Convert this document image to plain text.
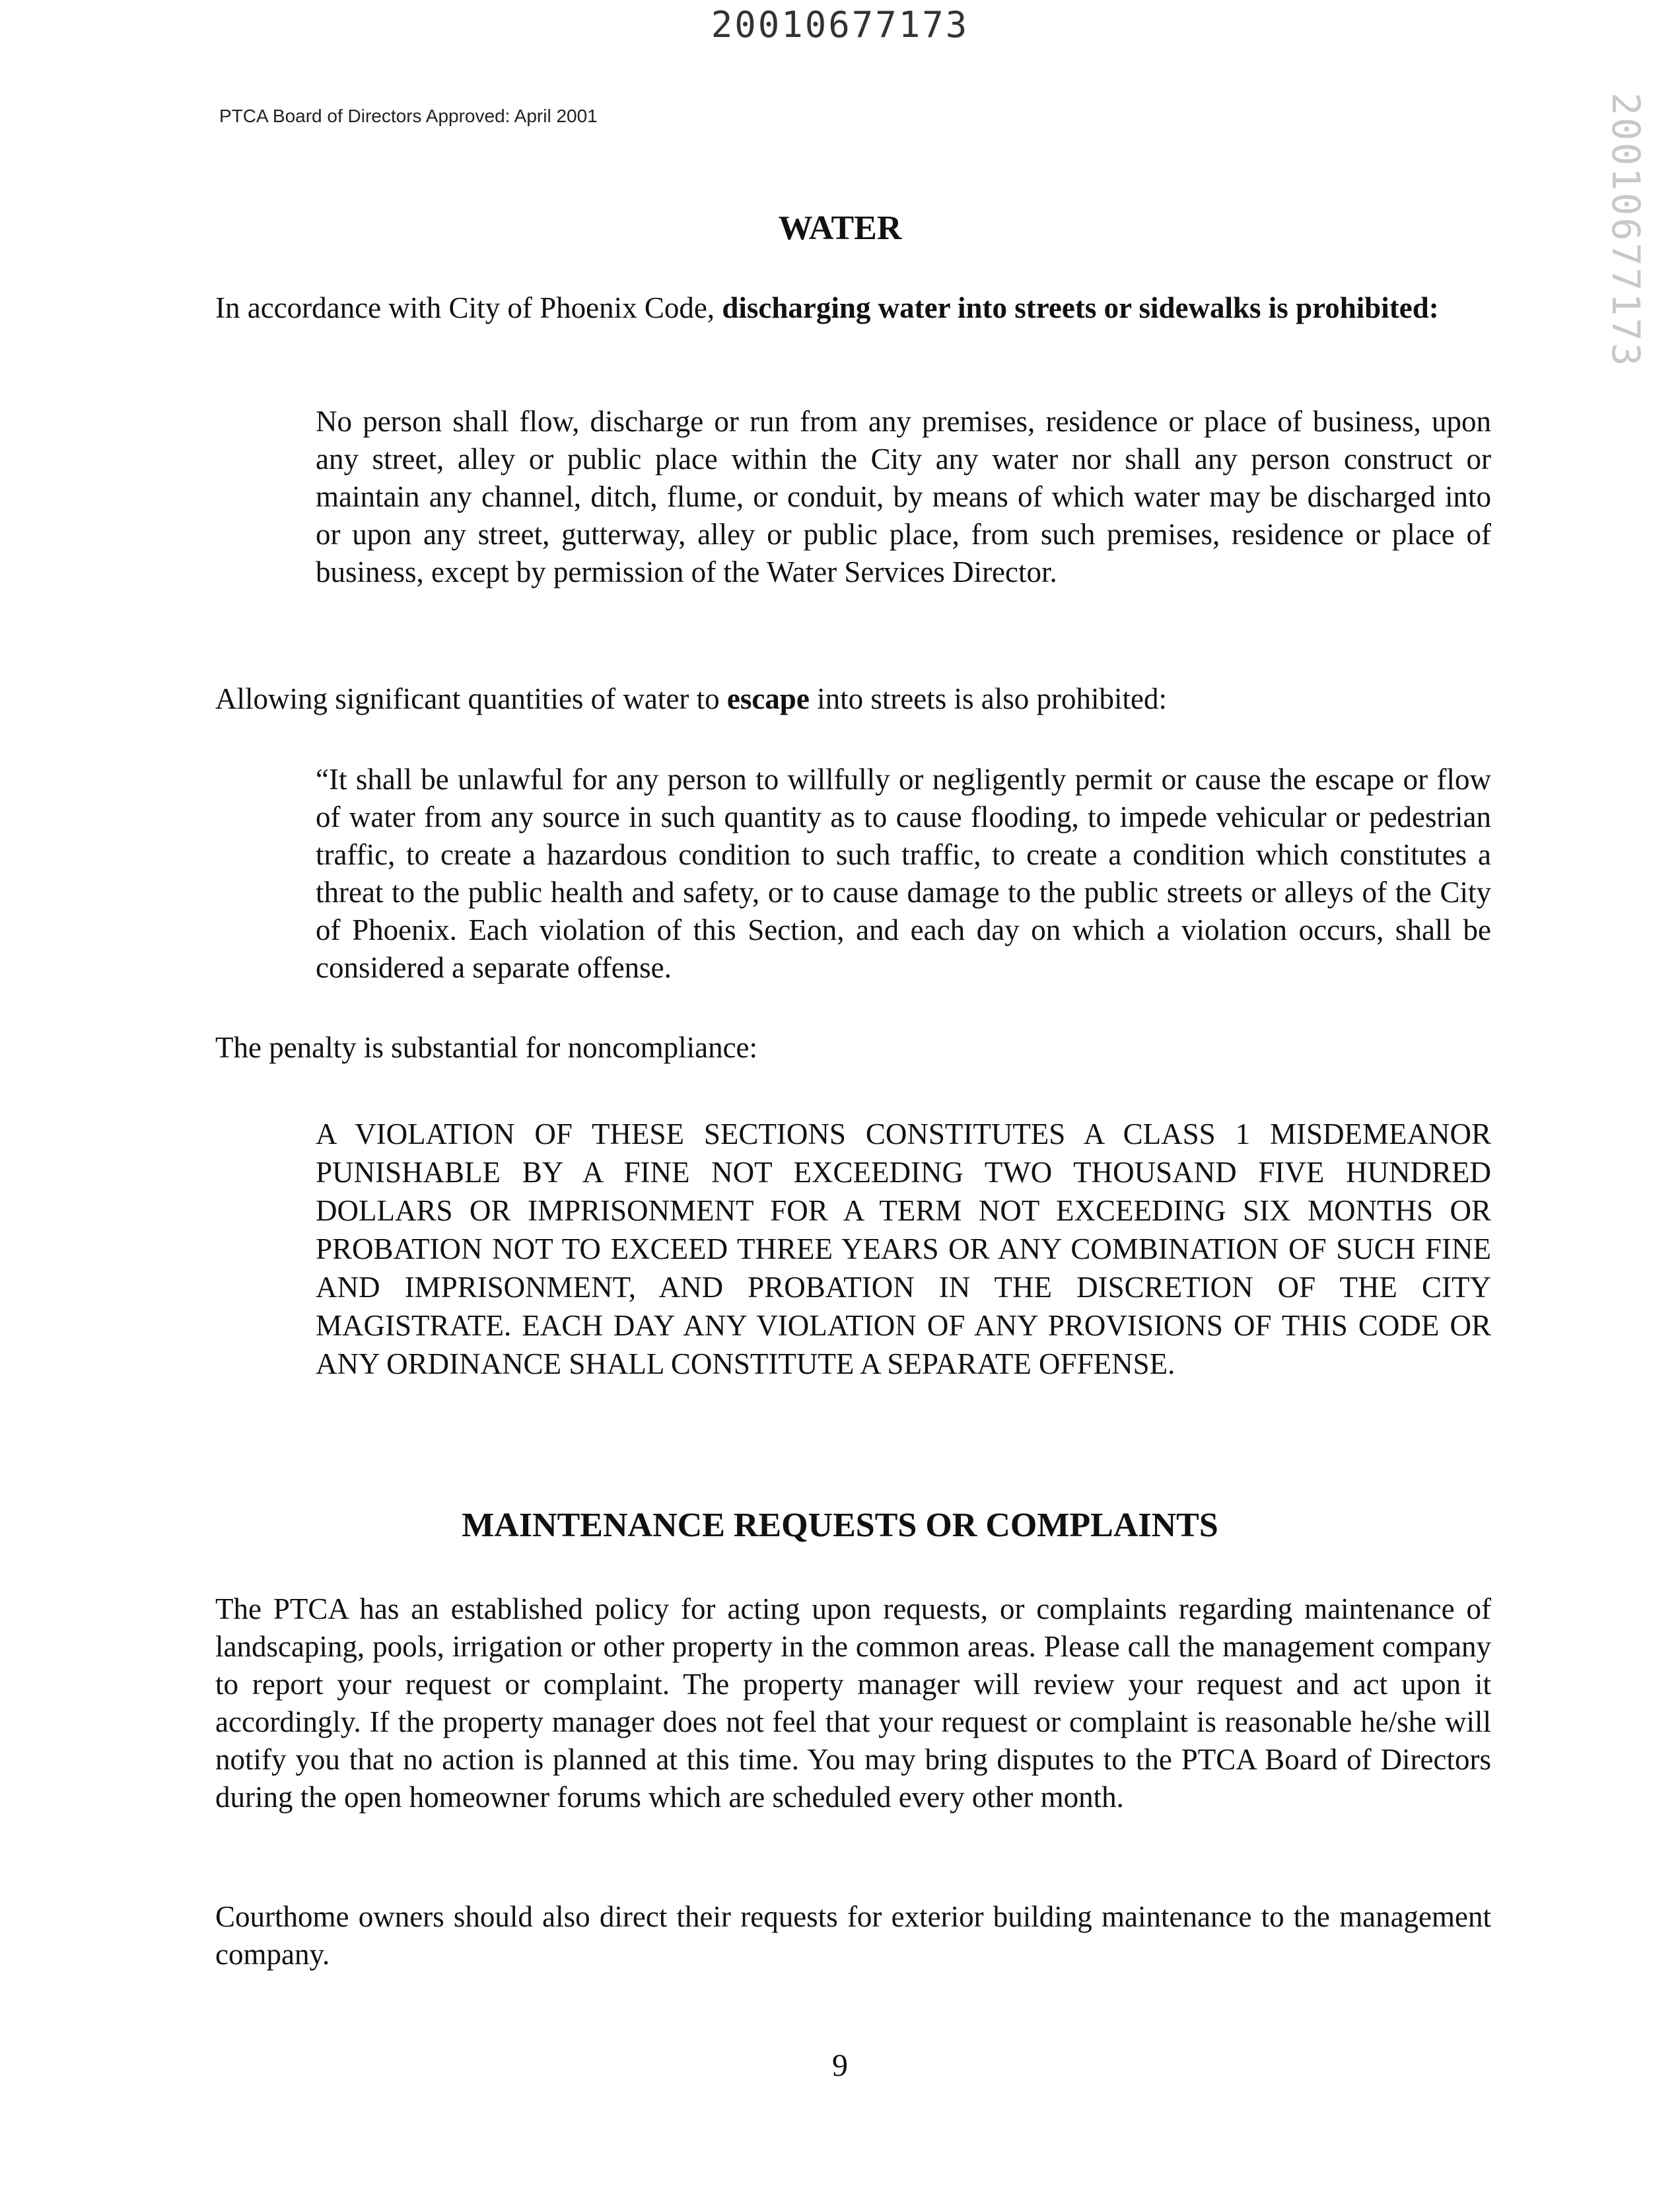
20010677173
20010677173
PTCA Board of Directors Approved: April 2001
WATER

In accordance with City of Phoenix Code, discharging water into streets or sidewalks is prohibited:

No person shall flow, discharge or run from any premises, residence or place of business, upon any street, alley or public place within the City any water nor shall any person construct or maintain any channel, ditch, flume, or conduit, by means of which water may be discharged into or upon any street, gutterway, alley or public place, from such premises, residence or place of business, except by permission of the Water Services Director.

Allowing significant quantities of water to escape into streets is also prohibited:

“It shall be unlawful for any person to willfully or negligently permit or cause the escape or flow of water from any source in such quantity as to cause flooding, to impede vehicular or pedestrian traffic, to create a hazardous condition to such traffic, to create a condition which constitutes a threat to the public health and safety, or to cause damage to the public streets or alleys of the City of Phoenix. Each violation of this Section, and each day on which a violation occurs, shall be considered a separate offense.

The penalty is substantial for noncompliance:

A VIOLATION OF THESE SECTIONS CONSTITUTES A CLASS 1 MISDEMEANOR PUNISHABLE BY A FINE NOT EXCEEDING TWO THOUSAND FIVE HUNDRED DOLLARS OR IMPRISONMENT FOR A TERM NOT EXCEEDING SIX MONTHS OR PROBATION NOT TO EXCEED THREE YEARS OR ANY COMBINATION OF SUCH FINE AND IMPRISONMENT, AND PROBATION IN THE DISCRETION OF THE CITY MAGISTRATE. EACH DAY ANY VIOLATION OF ANY PROVISIONS OF THIS CODE OR ANY ORDINANCE SHALL CONSTITUTE A SEPARATE OFFENSE.

MAINTENANCE REQUESTS OR COMPLAINTS

The PTCA has an established policy for acting upon requests, or complaints regarding maintenance of landscaping, pools, irrigation or other property in the common areas. Please call the management company to report your request or complaint. The property manager will review your request and act upon it accordingly. If the property manager does not feel that your request or complaint is reasonable he/she will notify you that no action is planned at this time. You may bring disputes to the PTCA Board of Directors during the open homeowner forums which are scheduled every other month.

Courthome owners should also direct their requests for exterior building maintenance to the management company.

9
